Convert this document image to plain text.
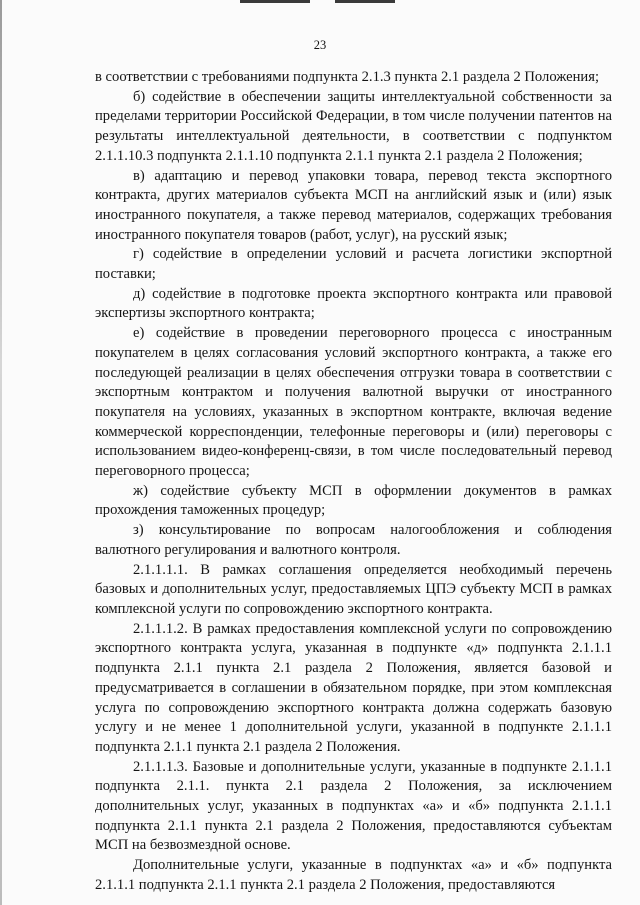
23

в соответствии с требованиями подпункта 2.1.3 пункта 2.1 раздела 2 Положения;

б) содействие в обеспечении защиты интеллектуальной собственности за пределами территории Российской Федерации, в том числе получении патентов на результаты интеллектуальной деятельности, в соответствии с подпунктом 2.1.1.10.3 подпункта 2.1.1.10 подпункта 2.1.1 пункта 2.1 раздела 2 Положения;

в) адаптацию и перевод упаковки товара, перевод текста экспортного контракта, других материалов субъекта МСП на английский язык и (или) язык иностранного покупателя, а также перевод материалов, содержащих требования иностранного покупателя товаров (работ, услуг), на русский язык;

г) содействие в определении условий и расчета логистики экспортной поставки;

д) содействие в подготовке проекта экспортного контракта или правовой экспертизы экспортного контракта;

е) содействие в проведении переговорного процесса с иностранным покупателем в целях согласования условий экспортного контракта, а также его последующей реализации в целях обеспечения отгрузки товара в соответствии с экспортным контрактом и получения валютной выручки от иностранного покупателя на условиях, указанных в экспортном контракте, включая ведение коммерческой корреспонденции, телефонные переговоры и (или) переговоры с использованием видео-конференц-связи, в том числе последовательный перевод переговорного процесса;

ж) содействие субъекту МСП в оформлении документов в рамках прохождения таможенных процедур;

з) консультирование по вопросам налогообложения и соблюдения валютного регулирования и валютного контроля.

2.1.1.1.1. В рамках соглашения определяется необходимый перечень базовых и дополнительных услуг, предоставляемых ЦПЭ субъекту МСП в рамках комплексной услуги по сопровождению экспортного контракта.

2.1.1.1.2. В рамках предоставления комплексной услуги по сопровождению экспортного контракта услуга, указанная в подпункте «д» подпункта 2.1.1.1 подпункта 2.1.1 пункта 2.1 раздела 2 Положения, является базовой и предусматривается в соглашении в обязательном порядке, при этом комплексная услуга по сопровождению экспортного контракта должна содержать базовую услугу и не менее 1 дополнительной услуги, указанной в подпункте 2.1.1.1 подпункта 2.1.1 пункта 2.1 раздела 2 Положения.

2.1.1.1.3. Базовые и дополнительные услуги, указанные в подпункте 2.1.1.1 подпункта 2.1.1. пункта 2.1 раздела 2 Положения, за исключением дополнительных услуг, указанных в подпунктах «а» и «б» подпункта 2.1.1.1 подпункта 2.1.1 пункта 2.1 раздела 2 Положения, предоставляются субъектам МСП на безвозмездной основе.

Дополнительные услуги, указанные в подпунктах «а» и «б» подпункта 2.1.1.1 подпункта 2.1.1 пункта 2.1 раздела 2 Положения, предоставляются
